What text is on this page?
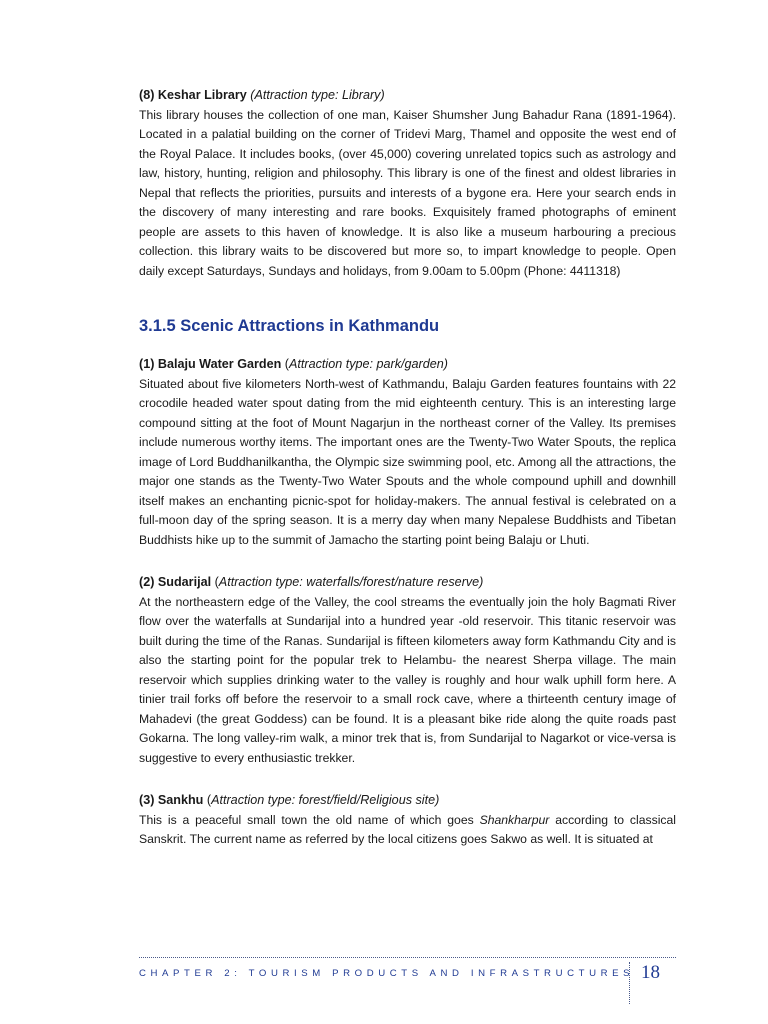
(8) Keshar Library (Attraction type: Library)

This library houses the collection of one man, Kaiser Shumsher Jung Bahadur Rana (1891-1964). Located in a palatial building on the corner of Tridevi Marg, Thamel and opposite the west end of the Royal Palace. It includes books, (over 45,000) covering unrelated topics such as astrology and law, history, hunting, religion and philosophy. This library is one of the finest and oldest libraries in Nepal that reflects the priorities, pursuits and interests of a bygone era. Here your search ends in the discovery of many interesting and rare books. Exquisitely framed photographs of eminent people are assets to this haven of knowledge. It is also like a museum harbouring a precious collection. this library waits to be discovered but more so, to impart knowledge to people. Open daily except Saturdays, Sundays and holidays, from 9.00am to 5.00pm (Phone: 4411318)

3.1.5 Scenic Attractions in Kathmandu

(1) Balaju Water Garden (Attraction type: park/garden)

Situated about five kilometers North-west of Kathmandu, Balaju Garden features fountains with 22 crocodile headed water spout dating from the mid eighteenth century. This is an interesting large compound sitting at the foot of Mount Nagarjun in the northeast corner of the Valley. Its premises include numerous worthy items. The important ones are the Twenty-Two Water Spouts, the replica image of Lord Buddhanilkantha, the Olympic size swimming pool, etc. Among all the attractions, the major one stands as the Twenty-Two Water Spouts and the whole compound uphill and downhill itself makes an enchanting picnic-spot for holiday-makers. The annual festival is celebrated on a full-moon day of the spring season. It is a merry day when many Nepalese Buddhists and Tibetan Buddhists hike up to the summit of Jamacho the starting point being Balaju or Lhuti.

(2) Sudarijal (Attraction type: waterfalls/forest/nature reserve)

At the northeastern edge of the Valley, the cool streams the eventually join the holy Bagmati River flow over the waterfalls at Sundarijal into a hundred year -old reservoir. This titanic reservoir was built during the time of the Ranas. Sundarijal is fifteen kilometers away form Kathmandu City and is also the starting point for the popular trek to Helambu- the nearest Sherpa village. The main reservoir which supplies drinking water to the valley is roughly and hour walk uphill form here. A tinier trail forks off before the reservoir to a small rock cave, where a thirteenth century image of Mahadevi (the great Goddess) can be found. It is a pleasant bike ride along the quite roads past Gokarna. The long valley-rim walk, a minor trek that is, from Sundarijal to Nagarkot or vice-versa is suggestive to every enthusiastic trekker.

(3) Sankhu (Attraction type: forest/field/Religious site)

This is a peaceful small town the old name of which goes Shankharpur according to classical Sanskrit. The current name as referred by the local citizens goes Sakwo as well. It is situated at

CHAPTER 2: TOURISM PRODUCTS AND INFRASTRUCTURES 18
